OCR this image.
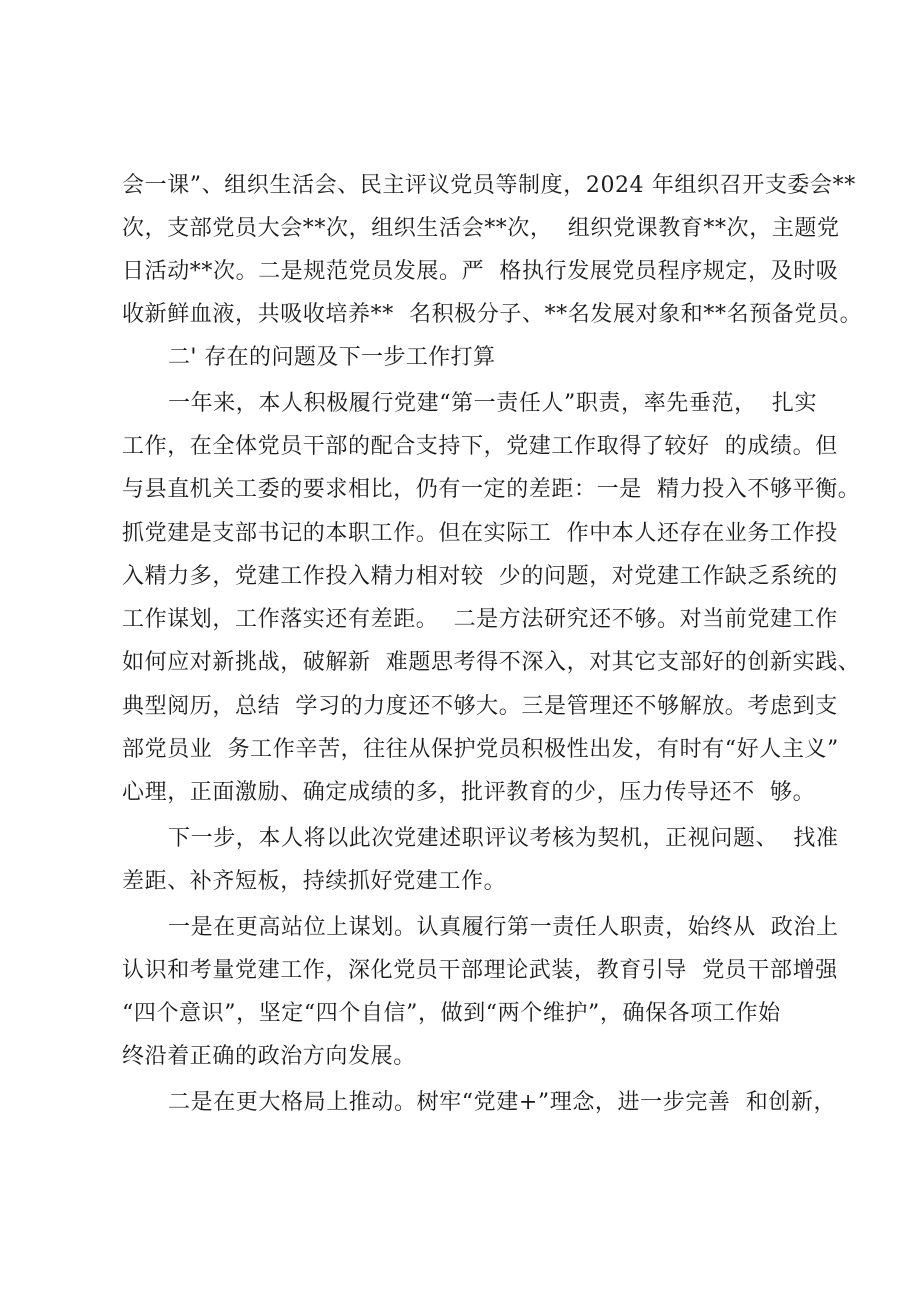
会一课”、组织生活会、民主评议党员等制度，2024 年组织召开支委会**
次，支部党员大会**次，组织生活会**次，  组织党课教育**次，主题党
日活动**次。二是规范党员发展。严  格执行发展党员程序规定，及时吸
收新鲜血液，共吸收培养**  名积极分子、**名发展对象和**名预备党员。
二' 存在的问题及下一步工作打算
一年来，本人积极履行党建“第一责任人”职责，率先垂范，  扎实
工作，在全体党员干部的配合支持下，党建工作取得了较好  的成绩。但
与县直机关工委的要求相比，仍有一定的差距：一是  精力投入不够平衡。
抓党建是支部书记的本职工作。但在实际工  作中本人还存在业务工作投
入精力多，党建工作投入精力相对较  少的问题，对党建工作缺乏系统的
工作谋划，工作落实还有差距。  二是方法研究还不够。对当前党建工作
如何应对新挑战，破解新  难题思考得不深入，对其它支部好的创新实践、
典型阅历，总结  学习的力度还不够大。三是管理还不够解放。考虑到支
部党员业  务工作辛苦，往往从保护党员积极性出发，有时有“好人主义”
心理，正面激励、确定成绩的多，批评教育的少，压力传导还不  够。
下一步，本人将以此次党建述职评议考核为契机，正视问题、  找准
差距、补齐短板，持续抓好党建工作。
一是在更高站位上谋划。认真履行第一责任人职责，始终从  政治上
认识和考量党建工作，深化党员干部理论武装，教育引导  党员干部增强
“四个意识”，坚定“四个自信”，做到“两个维护”，确保各项工作始
终沿着正确的政治方向发展。
二是在更大格局上推动。树牢“党建+”理念，进一步完善  和创新，
